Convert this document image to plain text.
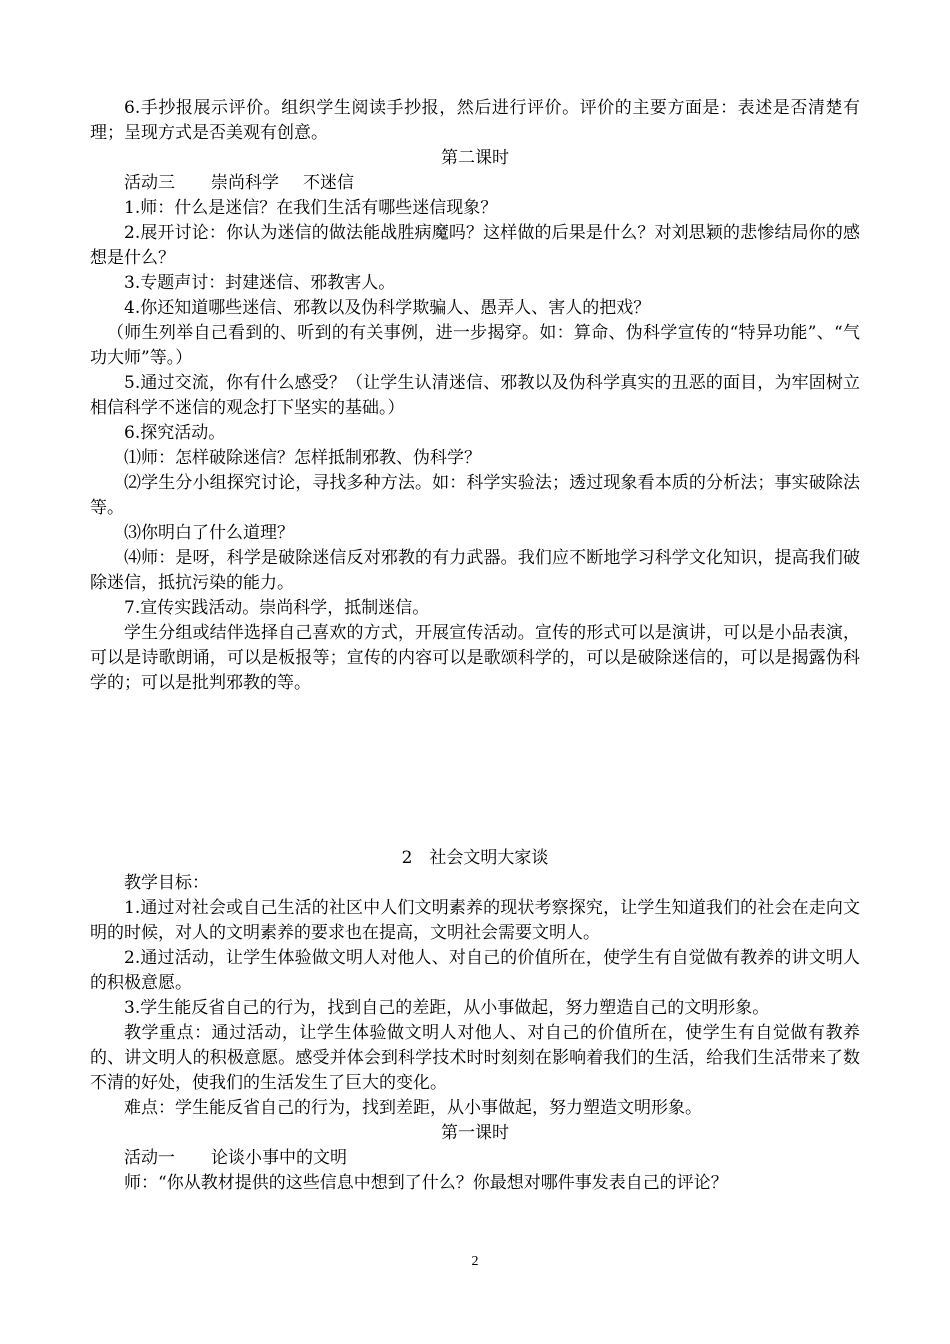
6.手抄报展示评价。组织学生阅读手抄报，然后进行评价。评价的主要方面是：表述是否清楚有理；呈现方式是否美观有创意。

第二课时

活动三 崇尚科学 不迷信

1.师：什么是迷信？在我们生活有哪些迷信现象？

2.展开讨论：你认为迷信的做法能战胜病魔吗？这样做的后果是什么？对刘思颖的悲惨结局你的感想是什么？

3.专题声讨：封建迷信、邪教害人。

4.你还知道哪些迷信、邪教以及伪科学欺骗人、愚弄人、害人的把戏？

（师生列举自己看到的、听到的有关事例，进一步揭穿。如：算命、伪科学宣传的“特异功能”、“气功大师”等。）

5.通过交流，你有什么感受？（让学生认清迷信、邪教以及伪科学真实的丑恶的面目，为牢固树立相信科学不迷信的观念打下坚实的基础。）

6.探究活动。

⑴师：怎样破除迷信？怎样抵制邪教、伪科学？

⑵学生分小组探究讨论，寻找多种方法。如：科学实验法；透过现象看本质的分析法；事实破除法等。

⑶你明白了什么道理？

⑷师：是呀，科学是破除迷信反对邪教的有力武器。我们应不断地学习科学文化知识，提高我们破除迷信，抵抗污染的能力。

7.宣传实践活动。崇尚科学，抵制迷信。

学生分组或结伴选择自己喜欢的方式，开展宣传活动。宣传的形式可以是演讲，可以是小品表演，可以是诗歌朗诵，可以是板报等；宣传的内容可以是歌颂科学的，可以是破除迷信的，可以是揭露伪科学的；可以是批判邪教的等。

2　社会文明大家谈

教学目标：

1.通过对社会或自己生活的社区中人们文明素养的现状考察探究，让学生知道我们的社会在走向文明的时候，对人的文明素养的要求也在提高，文明社会需要文明人。

2.通过活动，让学生体验做文明人对他人、对自己的价值所在，使学生有自觉做有教养的讲文明人的积极意愿。

3.学生能反省自己的行为，找到自己的差距，从小事做起，努力塑造自己的文明形象。

教学重点：通过活动，让学生体验做文明人对他人、对自己的价值所在，使学生有自觉做有教养的、讲文明人的积极意愿。感受并体会到科学技术时时刻刻在影响着我们的生活，给我们生活带来了数不清的好处，使我们的生活发生了巨大的变化。

难点：学生能反省自己的行为，找到差距，从小事做起，努力塑造文明形象。

第一课时

活动一 论谈小事中的文明

师：“你从教材提供的这些信息中想到了什么？你最想对哪件事发表自己的评论？

2
